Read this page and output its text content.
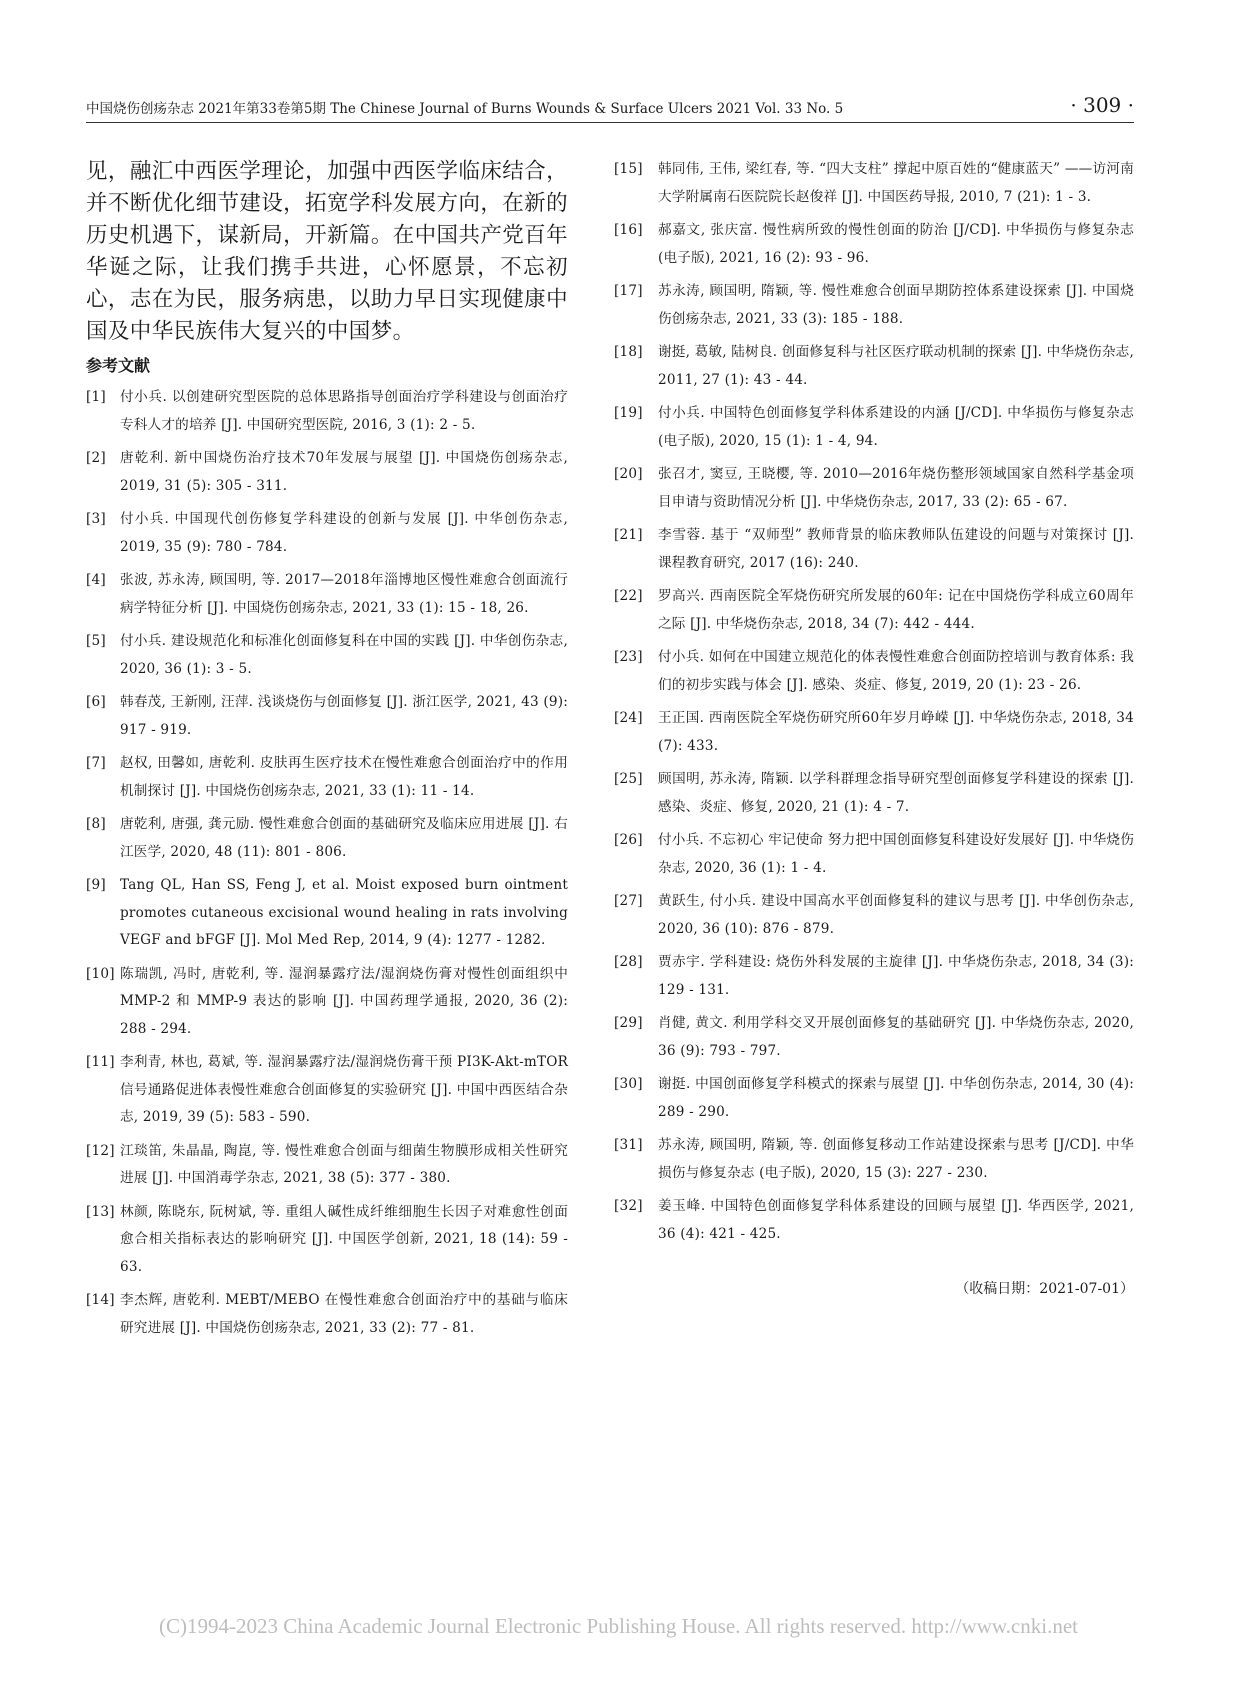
中国烧伤创疡杂志 2021年第33卷第5期 The Chinese Journal of Burns Wounds & Surface Ulcers 2021 Vol. 33 No. 5	· 309 ·

见，融汇中西医学理论，加强中西医学临床结合，并不断优化细节建设，拓宽学科发展方向，在新的历史机遇下，谋新局，开新篇。在中国共产党百年华诞之际，让我们携手共进，心怀愿景，不忘初心，志在为民，服务病患，以助力早日实现健康中国及中华民族伟大复兴的中国梦。

参考文献
[1] 付小兵. 以创建研究型医院的总体思路指导创面治疗学科建设与创面治疗专科人才的培养 [J]. 中国研究型医院, 2016, 3 (1): 2 - 5.
[2] 唐乾利. 新中国烧伤治疗技术70年发展与展望 [J]. 中国烧伤创疡杂志, 2019, 31 (5): 305 - 311.
[3] 付小兵. 中国现代创伤修复学科建设的创新与发展 [J]. 中华创伤杂志, 2019, 35 (9): 780 - 784.
[4] 张波, 苏永涛, 顾国明, 等. 2017—2018年淄博地区慢性难愈合创面流行病学特征分析 [J]. 中国烧伤创疡杂志, 2021, 33 (1): 15 - 18, 26.
[5] 付小兵. 建设规范化和标准化创面修复科在中国的实践 [J]. 中华创伤杂志, 2020, 36 (1): 3 - 5.
[6] 韩春茂, 王新刚, 汪萍. 浅谈烧伤与创面修复 [J]. 浙江医学, 2021, 43 (9): 917 - 919.
[7] 赵权, 田馨如, 唐乾利. 皮肤再生医疗技术在慢性难愈合创面治疗中的作用机制探讨 [J]. 中国烧伤创疡杂志, 2021, 33 (1): 11 - 14.
[8] 唐乾利, 唐强, 龚元励. 慢性难愈合创面的基础研究及临床应用进展 [J]. 右江医学, 2020, 48 (11): 801 - 806.
[9] Tang QL, Han SS, Feng J, et al. Moist exposed burn ointment promotes cutaneous excisional wound healing in rats involving VEGF and bFGF [J]. Mol Med Rep, 2014, 9 (4): 1277 - 1282.
[10] 陈瑞凯, 冯时, 唐乾利, 等. 湿润暴露疗法/湿润烧伤膏对慢性创面组织中 MMP-2 和 MMP-9 表达的影响 [J]. 中国药理学通报, 2020, 36 (2): 288 - 294.
[11] 李利青, 林也, 葛斌, 等. 湿润暴露疗法/湿润烧伤膏干预 PI3K-Akt-mTOR 信号通路促进体表慢性难愈合创面修复的实验研究 [J]. 中国中西医结合杂志, 2019, 39 (5): 583 - 590.
[12] 江琰笛, 朱晶晶, 陶崑, 等. 慢性难愈合创面与细菌生物膜形成相关性研究进展 [J]. 中国消毒学杂志, 2021, 38 (5): 377 - 380.
[13] 林颜, 陈晓东, 阮树斌, 等. 重组人碱性成纤维细胞生长因子对难愈性创面愈合相关指标表达的影响研究 [J]. 中国医学创新, 2021, 18 (14): 59 - 63.
[14] 李杰辉, 唐乾利. MEBT/MEBO 在慢性难愈合创面治疗中的基础与临床研究进展 [J]. 中国烧伤创疡杂志, 2021, 33 (2): 77 - 81.
[15] 韩同伟, 王伟, 梁红春, 等. “四大支柱” 撑起中原百姓的“健康蓝天” ——访河南大学附属南石医院院长赵俊祥 [J]. 中国医药导报, 2010, 7 (21): 1 - 3.
[16] 郝嘉文, 张庆富. 慢性病所致的慢性创面的防治 [J/CD]. 中华损伤与修复杂志 (电子版), 2021, 16 (2): 93 - 96.
[17] 苏永涛, 顾国明, 隋颖, 等. 慢性难愈合创面早期防控体系建设探索 [J]. 中国烧伤创疡杂志, 2021, 33 (3): 185 - 188.
[18] 谢挺, 葛敏, 陆树良. 创面修复科与社区医疗联动机制的探索 [J]. 中华烧伤杂志, 2011, 27 (1): 43 - 44.
[19] 付小兵. 中国特色创面修复学科体系建设的内涵 [J/CD]. 中华损伤与修复杂志 (电子版), 2020, 15 (1): 1 - 4, 94.
[20] 张召才, 窦豆, 王晓樱, 等. 2010—2016年烧伤整形领域国家自然科学基金项目申请与资助情况分析 [J]. 中华烧伤杂志, 2017, 33 (2): 65 - 67.
[21] 李雪蓉. 基于 “双师型” 教师背景的临床教师队伍建设的问题与对策探讨 [J]. 课程教育研究, 2017 (16): 240.
[22] 罗高兴. 西南医院全军烧伤研究所发展的60年: 记在中国烧伤学科成立60周年之际 [J]. 中华烧伤杂志, 2018, 34 (7): 442 - 444.
[23] 付小兵. 如何在中国建立规范化的体表慢性难愈合创面防控培训与教育体系: 我们的初步实践与体会 [J]. 感染、炎症、修复, 2019, 20 (1): 23 - 26.
[24] 王正国. 西南医院全军烧伤研究所60年岁月峥嵘 [J]. 中华烧伤杂志, 2018, 34 (7): 433.
[25] 顾国明, 苏永涛, 隋颖. 以学科群理念指导研究型创面修复学科建设的探索 [J]. 感染、炎症、修复, 2020, 21 (1): 4 - 7.
[26] 付小兵. 不忘初心 牢记使命 努力把中国创面修复科建设好发展好 [J]. 中华烧伤杂志, 2020, 36 (1): 1 - 4.
[27] 黄跃生, 付小兵. 建设中国高水平创面修复科的建议与思考 [J]. 中华创伤杂志, 2020, 36 (10): 876 - 879.
[28] 贾赤宇. 学科建设: 烧伤外科发展的主旋律 [J]. 中华烧伤杂志, 2018, 34 (3): 129 - 131.
[29] 肖健, 黄文. 利用学科交叉开展创面修复的基础研究 [J]. 中华烧伤杂志, 2020, 36 (9): 793 - 797.
[30] 谢挺. 中国创面修复学科模式的探索与展望 [J]. 中华创伤杂志, 2014, 30 (4): 289 - 290.
[31] 苏永涛, 顾国明, 隋颖, 等. 创面修复移动工作站建设探索与思考 [J/CD]. 中华损伤与修复杂志 (电子版), 2020, 15 (3): 227 - 230.
[32] 姜玉峰. 中国特色创面修复学科体系建设的回顾与展望 [J]. 华西医学, 2021, 36 (4): 421 - 425.
（收稿日期：2021-07-01）
(C)1994-2023 China Academic Journal Electronic Publishing House. All rights reserved. http://www.cnki.net
